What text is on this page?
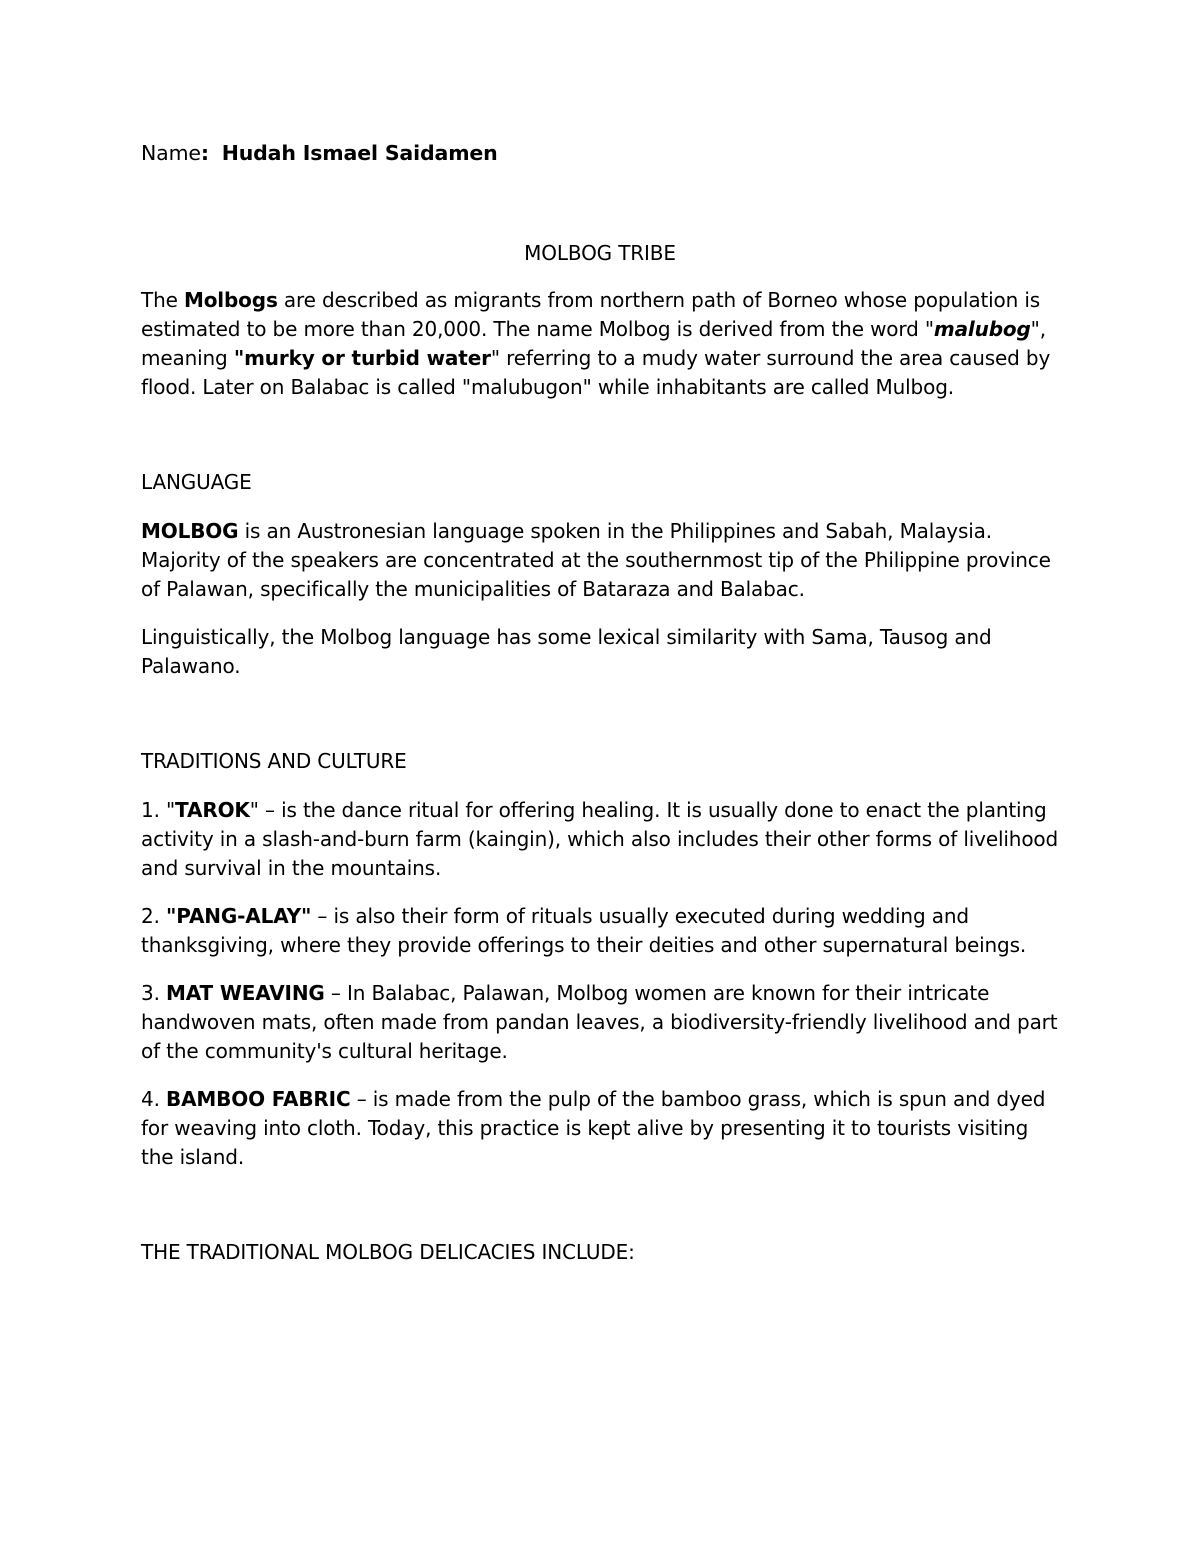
Name: Hudah Ismael Saidamen

MOLBOG TRIBE

The Molbogs are described as migrants from northern path of Borneo whose population is estimated to be more than 20,000. The name Molbog is derived from the word "malubog", meaning "murky or turbid water" referring to a mudy water surround the area caused by flood. Later on Balabac is called "malubugon" while inhabitants are called Mulbog.

LANGUAGE

MOLBOG is an Austronesian language spoken in the Philippines and Sabah, Malaysia. Majority of the speakers are concentrated at the southernmost tip of the Philippine province of Palawan, specifically the municipalities of Bataraza and Balabac.

Linguistically, the Molbog language has some lexical similarity with Sama, Tausog and Palawano.

TRADITIONS AND CULTURE

1. "TAROK" – is the dance ritual for offering healing. It is usually done to enact the planting activity in a slash-and-burn farm (kaingin), which also includes their other forms of livelihood and survival in the mountains.

2. "PANG-ALAY" – is also their form of rituals usually executed during wedding and thanksgiving, where they provide offerings to their deities and other supernatural beings.

3. MAT WEAVING – In Balabac, Palawan, Molbog women are known for their intricate handwoven mats, often made from pandan leaves, a biodiversity-friendly livelihood and part of the community's cultural heritage.

4. BAMBOO FABRIC – is made from the pulp of the bamboo grass, which is spun and dyed for weaving into cloth. Today, this practice is kept alive by presenting it to tourists visiting the island.

THE TRADITIONAL MOLBOG DELICACIES INCLUDE:
